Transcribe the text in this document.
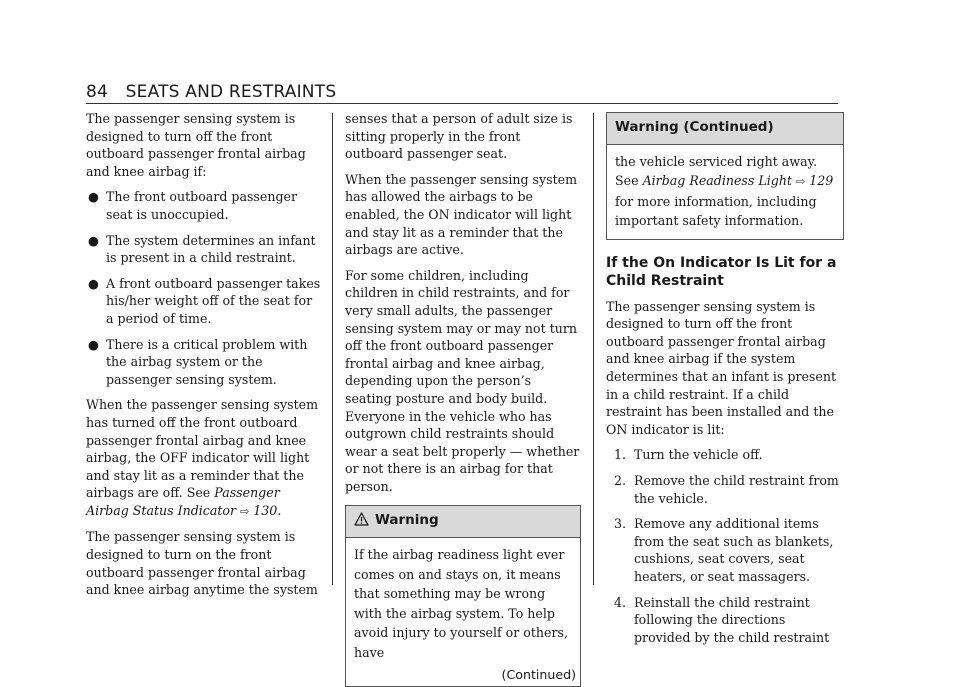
84 SEATS AND RESTRAINTS

The passenger sensing system is designed to turn off the front outboard passenger frontal airbag and knee airbag if:

● The front outboard passenger seat is unoccupied.
● The system determines an infant is present in a child restraint.
● A front outboard passenger takes his/her weight off of the seat for a period of time.
● There is a critical problem with the airbag system or the passenger sensing system.

When the passenger sensing system has turned off the front outboard passenger frontal airbag and knee airbag, the OFF indicator will light and stay lit as a reminder that the airbags are off. See Passenger Airbag Status Indicator ⇨ 130.

The passenger sensing system is designed to turn on the front outboard passenger frontal airbag and knee airbag anytime the system

senses that a person of adult size is sitting properly in the front outboard passenger seat.

When the passenger sensing system has allowed the airbags to be enabled, the ON indicator will light and stay lit as a reminder that the airbags are active.

For some children, including children in child restraints, and for very small adults, the passenger sensing system may or may not turn off the front outboard passenger frontal airbag and knee airbag, depending upon the person’s seating posture and body build. Everyone in the vehicle who has outgrown child restraints should wear a seat belt properly — whether or not there is an airbag for that person.

Warning

If the airbag readiness light ever comes on and stays on, it means that something may be wrong with the airbag system. To help avoid injury to yourself or others, have

(Continued)
Warning (Continued)

the vehicle serviced right away. See Airbag Readiness Light ⇨ 129 for more information, including important safety information.

If the On Indicator Is Lit for a Child Restraint

The passenger sensing system is designed to turn off the front outboard passenger frontal airbag and knee airbag if the system determines that an infant is present in a child restraint. If a child restraint has been installed and the ON indicator is lit:

1. Turn the vehicle off.
2. Remove the child restraint from the vehicle.
3. Remove any additional items from the seat such as blankets, cushions, seat covers, seat heaters, or seat massagers.
4. Reinstall the child restraint following the directions provided by the child restraint
